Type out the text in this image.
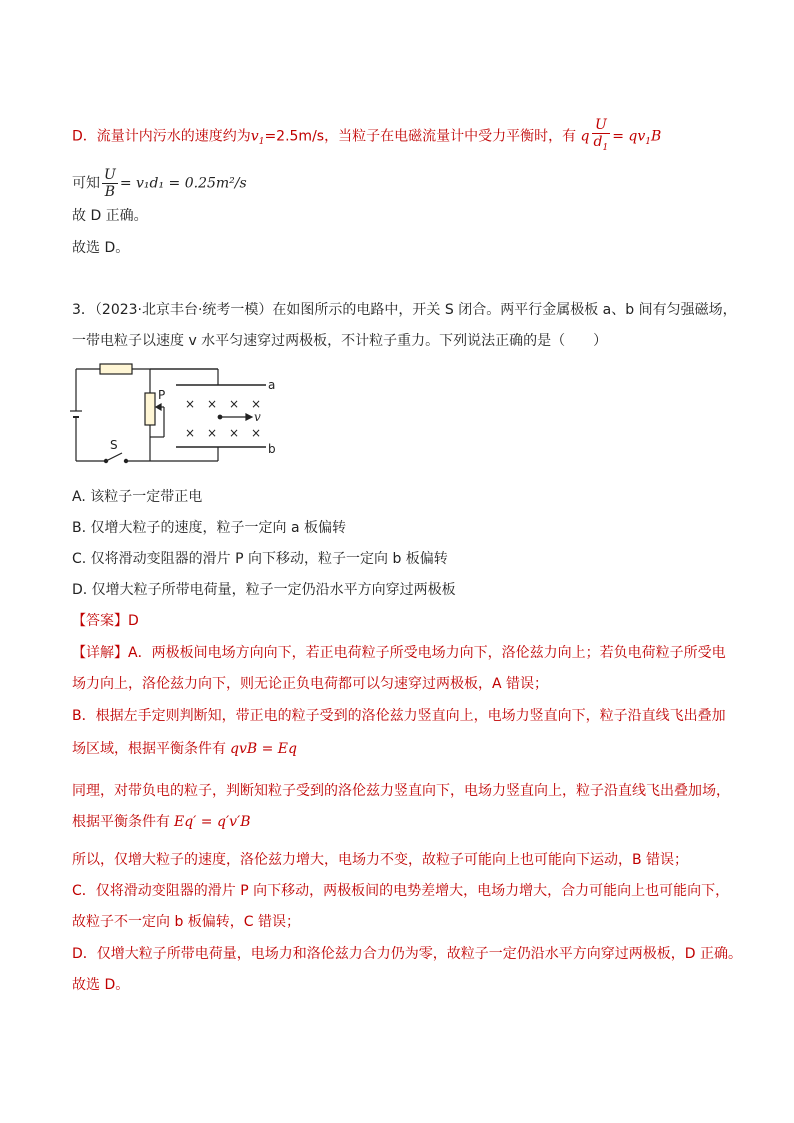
D．流量计内污水的速度约为$v_1=2.5m/s$，当粒子在电磁流量计中受力平衡时，有 q $\frac{U}{d_1} = qv_1B$
可知 $\frac{U}{B} = v_1d_1 = 0.25m^2/s$
故 D 正确。
故选 D。
3．（2023·北京丰台·统考一模）在如图所示的电路中，开关 S 闭合。两平行金属极板 a、b 间有匀强磁场，
一带电粒子以速度 v 水平匀速穿过两极板，不计粒子重力。下列说法正确的是（　　）
× × × ×
× × × ×
P
a
b
S
v
A. 该粒子一定带正电
B. 仅增大粒子的速度，粒子一定向 a 板偏转
C. 仅将滑动变阻器的滑片 P 向下移动，粒子一定向 b 板偏转
D. 仅增大粒子所带电荷量，粒子一定仍沿水平方向穿过两极板
【答案】D
【详解】A．两极板间电场方向向下，若正电荷粒子所受电场力向下，洛伦兹力向上；若负电荷粒子所受电
场力向上，洛伦兹力向下，则无论正负电荷都可以匀速穿过两极板，A 错误；
B．根据左手定则判断知，带正电的粒子受到的洛伦兹力竖直向上，电场力竖直向下，粒子沿直线飞出叠加
场区域，根据平衡条件有 qvB = Eq
同理，对带负电的粒子，判断知粒子受到的洛伦兹力竖直向下，电场力竖直向上，粒子沿直线飞出叠加场，
根据平衡条件有 Eq′ = q′v′B
所以，仅增大粒子的速度，洛伦兹力增大，电场力不变，故粒子可能向上也可能向下运动，B 错误；
C．仅将滑动变阻器的滑片 P 向下移动，两极板间的电势差增大，电场力增大，合力可能向上也可能向下，
故粒子不一定向 b 板偏转，C 错误；
D．仅增大粒子所带电荷量，电场力和洛伦兹力合力仍为零，故粒子一定仍沿水平方向穿过两极板，D 正确。
故选 D。
